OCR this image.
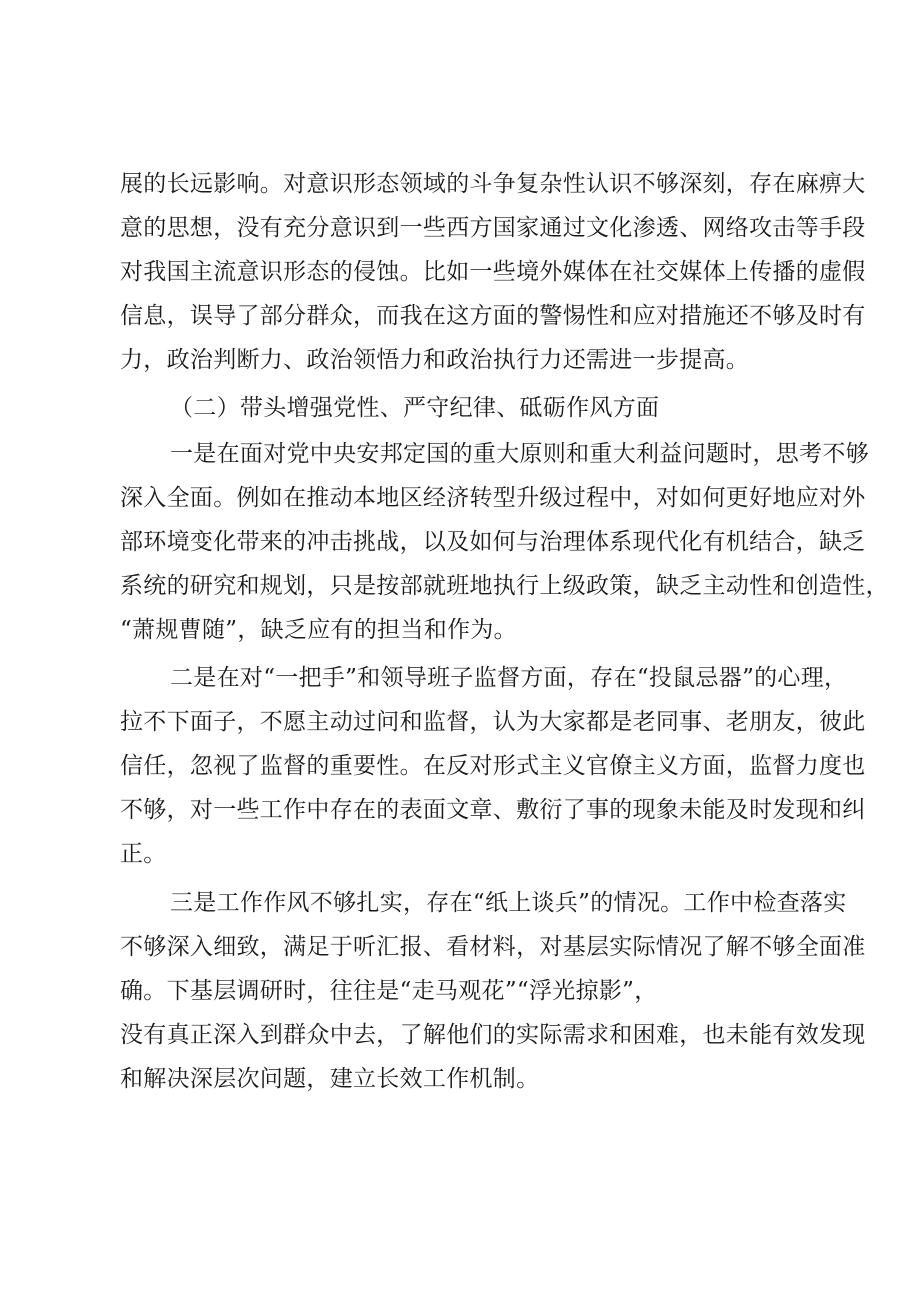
展的长远影响。对意识形态领域的斗争复杂性认识不够深刻，存在麻痹大
意的思想，没有充分意识到一些西方国家通过文化渗透、网络攻击等手段
对我国主流意识形态的侵蚀。比如一些境外媒体在社交媒体上传播的虚假
信息，误导了部分群众，而我在这方面的警惕性和应对措施还不够及时有
力，政治判断力、政治领悟力和政治执行力还需进一步提高。
（二）带头增强党性、严守纪律、砥砺作风方面
一是在面对党中央安邦定国的重大原则和重大利益问题时，思考不够
深入全面。例如在推动本地区经济转型升级过程中，对如何更好地应对外
部环境变化带来的冲击挑战，以及如何与治理体系现代化有机结合，缺乏
系统的研究和规划，只是按部就班地执行上级政策，缺乏主动性和创造性，
“萧规曹随”，缺乏应有的担当和作为。
二是在对“一把手”和领导班子监督方面，存在“投鼠忌器”的心理，
拉不下面子，不愿主动过问和监督，认为大家都是老同事、老朋友，彼此
信任，忽视了监督的重要性。在反对形式主义官僚主义方面，监督力度也
不够，对一些工作中存在的表面文章、敷衍了事的现象未能及时发现和纠
正。
三是工作作风不够扎实，存在“纸上谈兵”的情况。工作中检查落实
不够深入细致，满足于听汇报、看材料，对基层实际情况了解不够全面准
确。下基层调研时，往往是“走马观花”“浮光掠影”，
没有真正深入到群众中去，了解他们的实际需求和困难，也未能有效发现
和解决深层次问题，建立长效工作机制。
